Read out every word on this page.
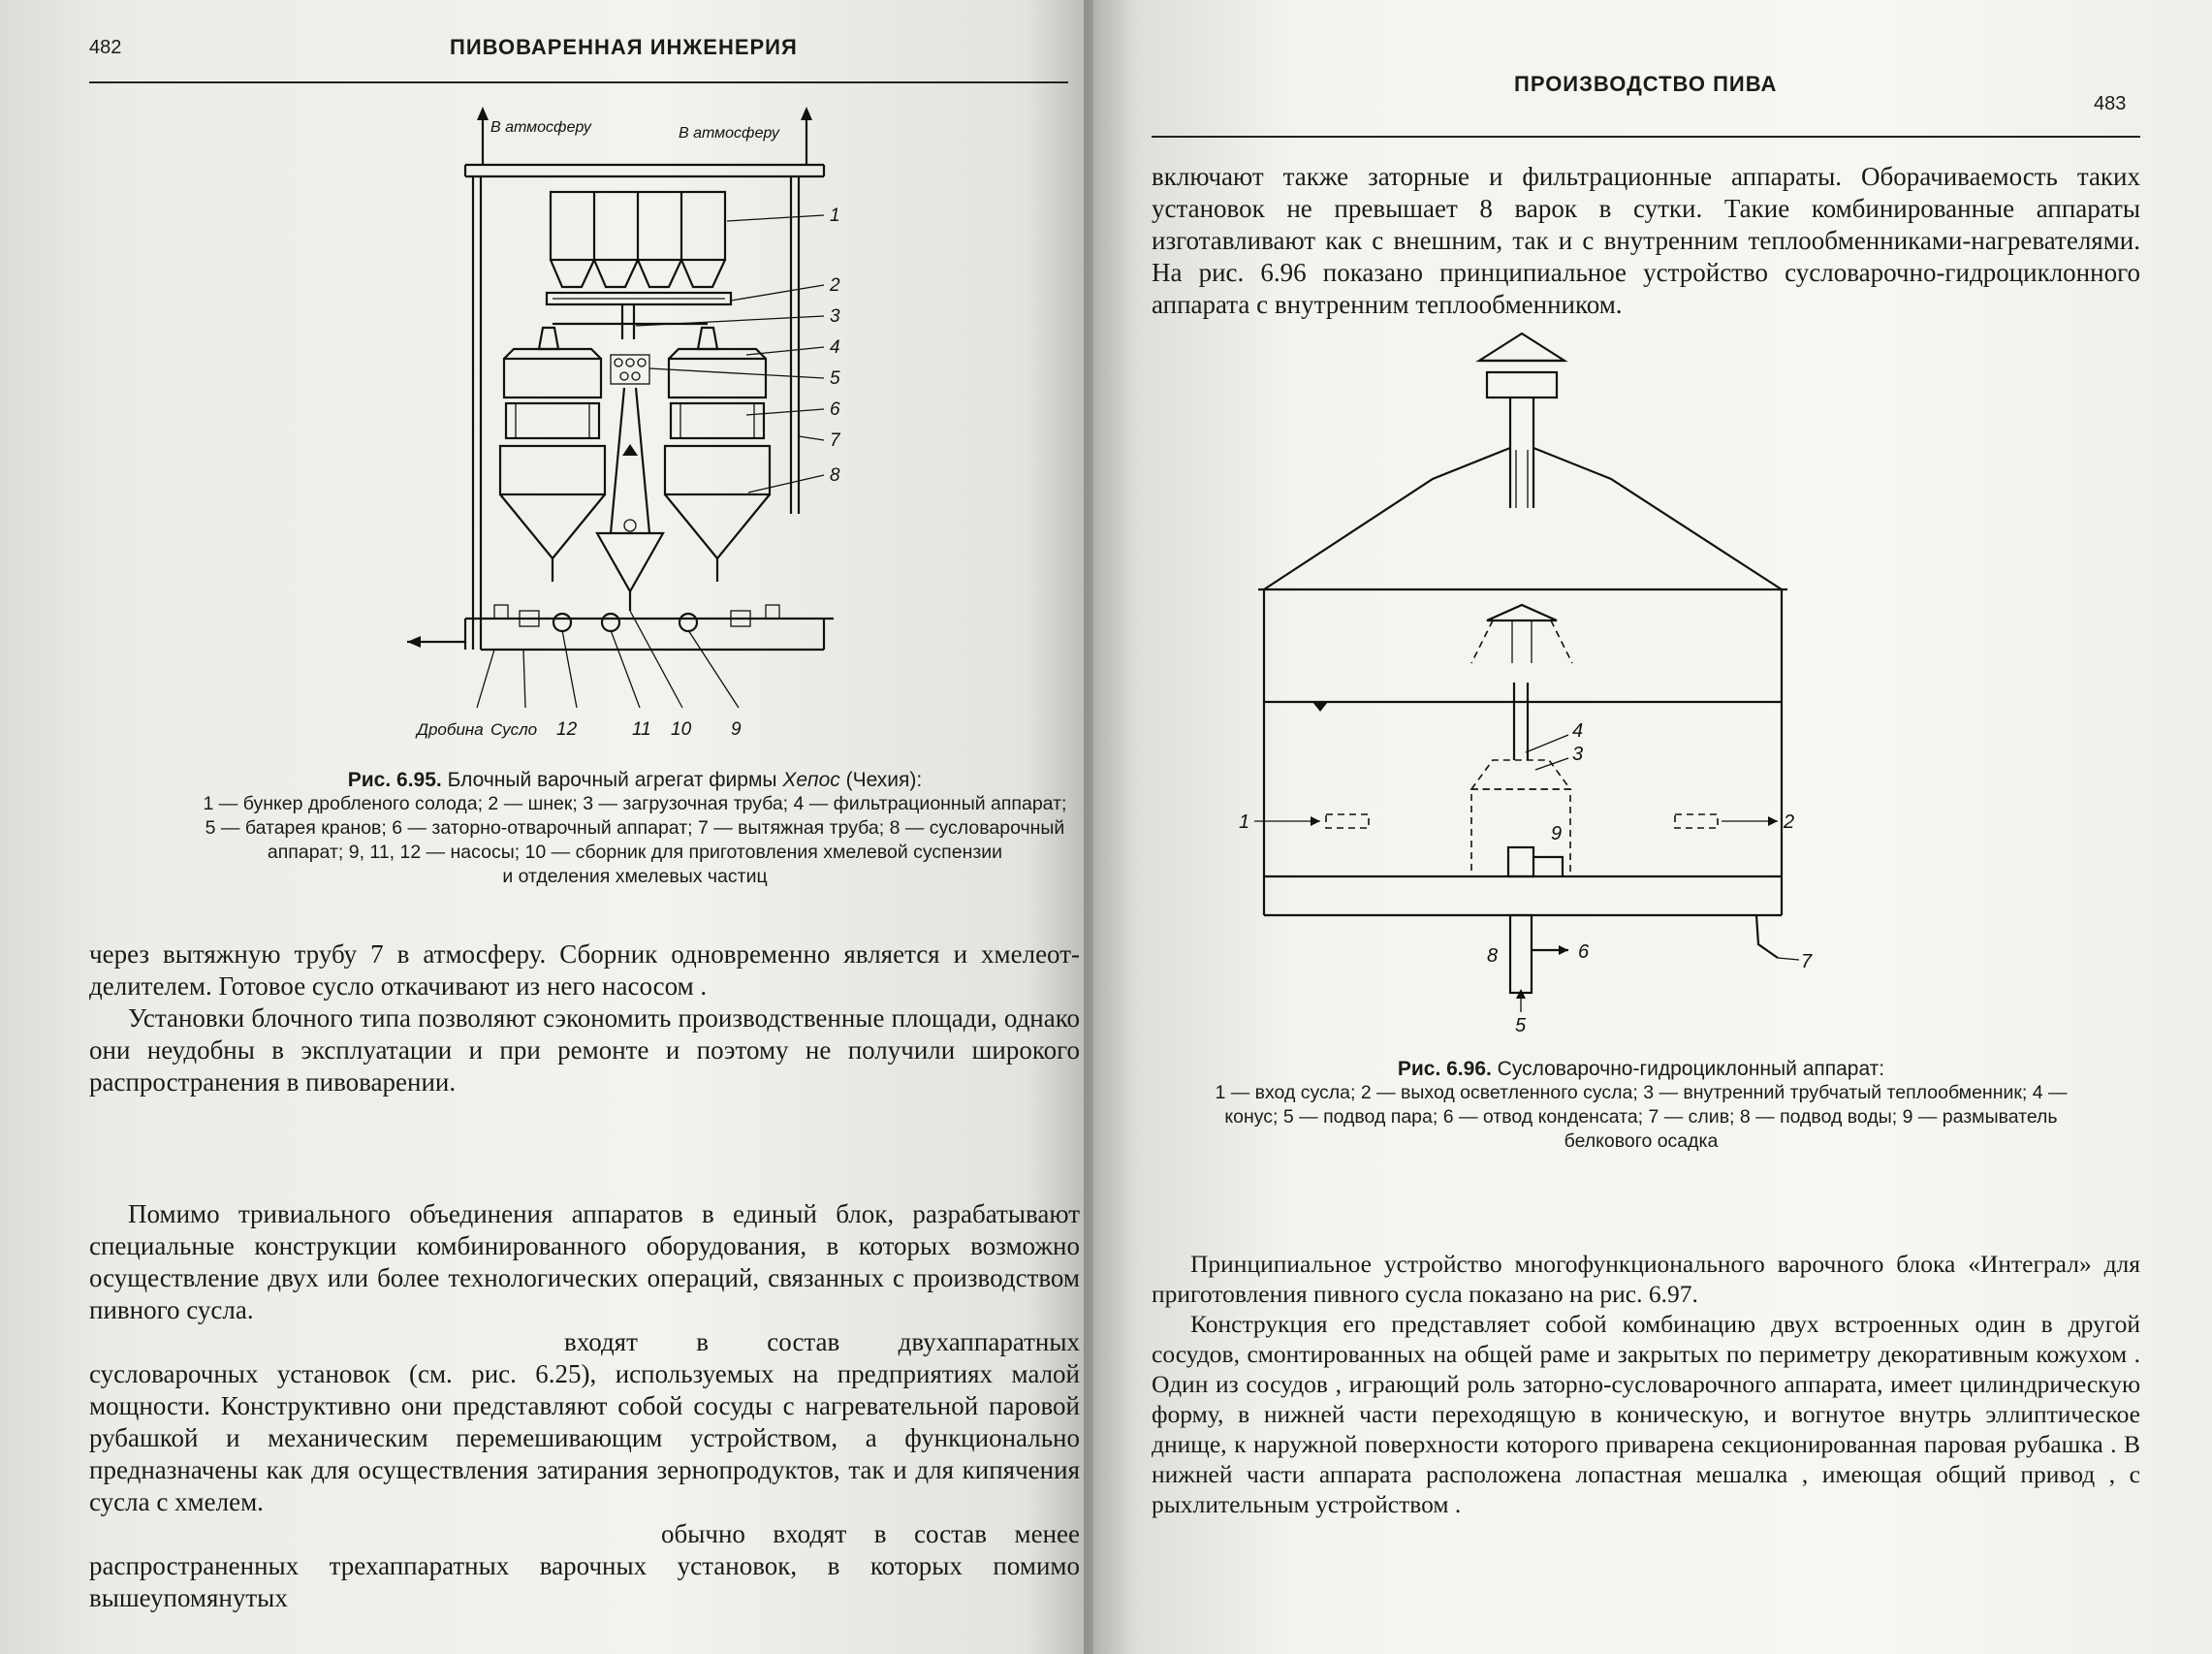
482	ПИВОВАРЕННАЯ ИНЖЕНЕРИЯ
В атмосферу	В атмосферу
1
2
3
4
5
6
7
8
Дробина Сусло 12	11 10 9
Рис. 6.95. Блочный варочный агрегат фирмы Хепос (Чехия):
1 — бункер дробленого солода; 2 — шнек; 3 — загрузочная труба; 4 — фильтрационный аппарат;
5 — батарея кранов; 6 — заторно-отварочный аппарат; 7 — вытяжная труба; 8 — сусловарочный
аппарат; 9, 11, 12 — насосы; 10 — сборник для приготовления хмелевой суспензии
и отделения хмелевых частиц

через вытяжную трубу 7 в атмосферу. Сборник одновременно является и хмелеот-делителем. Готовое сусло откачивают из него насосом .

Установки блочного типа позволяют сэкономить производственные площади, однако они неудобны в эксплуатации и при ремонте и поэтому не получили широкого распространения в пивоварении.

Помимо тривиального объединения аппаратов в единый блок, разрабатывают специальные конструкции комбинированного оборудования, в которых возможно осуществление двух или более технологических операций, связанных с производством пивного сусла.

входят в состав двухаппаратных сусловарочных установок (см. рис. 6.25), используемых на предприятиях малой мощности. Конструктивно они представляют собой сосуды с нагревательной паровой рубашкой и механическим перемешивающим устройством, а функционально предназначены как для осуществления затирания зернопродуктов, так и для кипячения сусла с хмелем.

обычно входят в состав менее распространенных трехаппаратных варочных установок, в которых помимо вышеупомянутых

ПРОИЗВОДСТВО ПИВА
483

включают также заторные и фильтрационные аппараты. Оборачиваемость таких установок не превышает 8 варок в сутки. Такие комбинированные аппараты изготавливают как с внешним, так и с внутренним теплообменниками-нагревателями. На рис. 6.96 показано принципиальное устройство сусловарочно-гидроциклонного аппарата с внутренним теплообменником.

4
3
1	2
7
9
6
8
5
Рис. 6.96. Сусловарочно-гидроциклонный аппарат:
1 — вход сусла; 2 — выход осветленного сусла; 3 — внутренний трубчатый теплообменник; 4 —
конус; 5 — подвод пара; 6 — отвод конденсата; 7 — слив; 8 — подвод воды; 9 — размыватель
белкового осадка

Принципиальное устройство многофункционального варочного блока «Интеграл» для приготовления пивного сусла показано на рис. 6.97.

Конструкция его представляет собой комбинацию двух встроенных один в другой сосудов, смонтированных на общей раме и закрытых по периметру декоративным кожухом . Один из сосудов , играющий роль заторно-сусловарочного аппарата, имеет цилиндрическую форму, в нижней части переходящую в коническую, и вогнутое внутрь эллиптическое днище, к наружной поверхности которого приварена секционированная паровая рубашка . В нижней части аппарата расположена лопастная мешалка , имеющая общий привод , с рыхлительным устройством .
